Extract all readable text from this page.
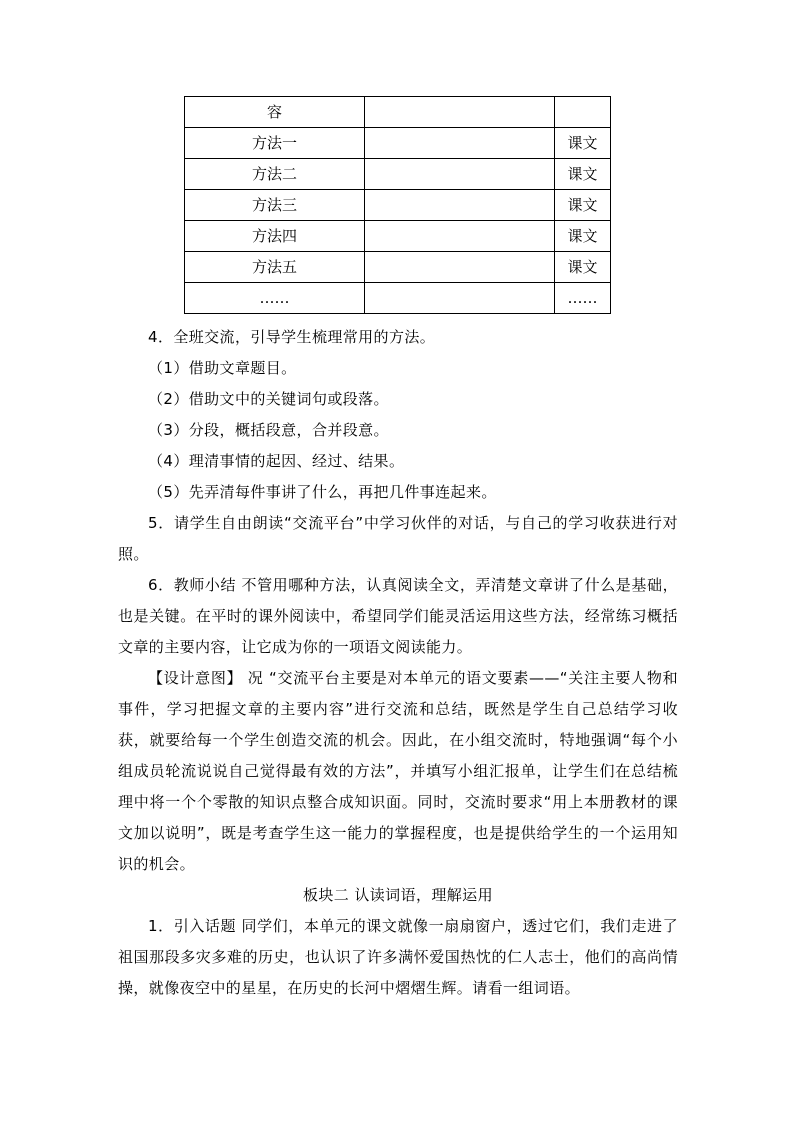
容		
方法一		课文
方法二		课文
方法三		课文
方法四		课文
方法五		课文
……		……

4．全班交流，引导学生梳理常用的方法。

（1）借助文章题目。

（2）借助文中的关键词句或段落。

（3）分段，概括段意，合并段意。

（4）理清事情的起因、经过、结果。

（5）先弄清每件事讲了什么，再把几件事连起来。

5．请学生自由朗读“交流平台”中学习伙伴的对话，与自己的学习收获进行对照。

6．教师小结 不管用哪种方法，认真阅读全文，弄清楚文章讲了什么是基础，也是关键。在平时的课外阅读中，希望同学们能灵活运用这些方法，经常练习概括文章的主要内容，让它成为你的一项语文阅读能力。

【设计意图】 况 “交流平台主要是对本单元的语文要素——“关注主要人物和事件，学习把握文章的主要内容”进行交流和总结，既然是学生自己总结学习收获，就要给每一个学生创造交流的机会。因此，在小组交流时，特地强调“每个小组成员轮流说说自己觉得最有效的方法”，并填写小组汇报单，让学生们在总结梳理中将一个个零散的知识点整合成知识面。同时，交流时要求“用上本册教材的课文加以说明”，既是考查学生这一能力的掌握程度，也是提供给学生的一个运用知识的机会。

板块二 认读词语，理解运用

1．引入话题 同学们，本单元的课文就像一扇扇窗户，透过它们，我们走进了祖国那段多灾多难的历史，也认识了许多满怀爱国热忱的仁人志士，他们的高尚情操，就像夜空中的星星，在历史的长河中熠熠生辉。请看一组词语。
